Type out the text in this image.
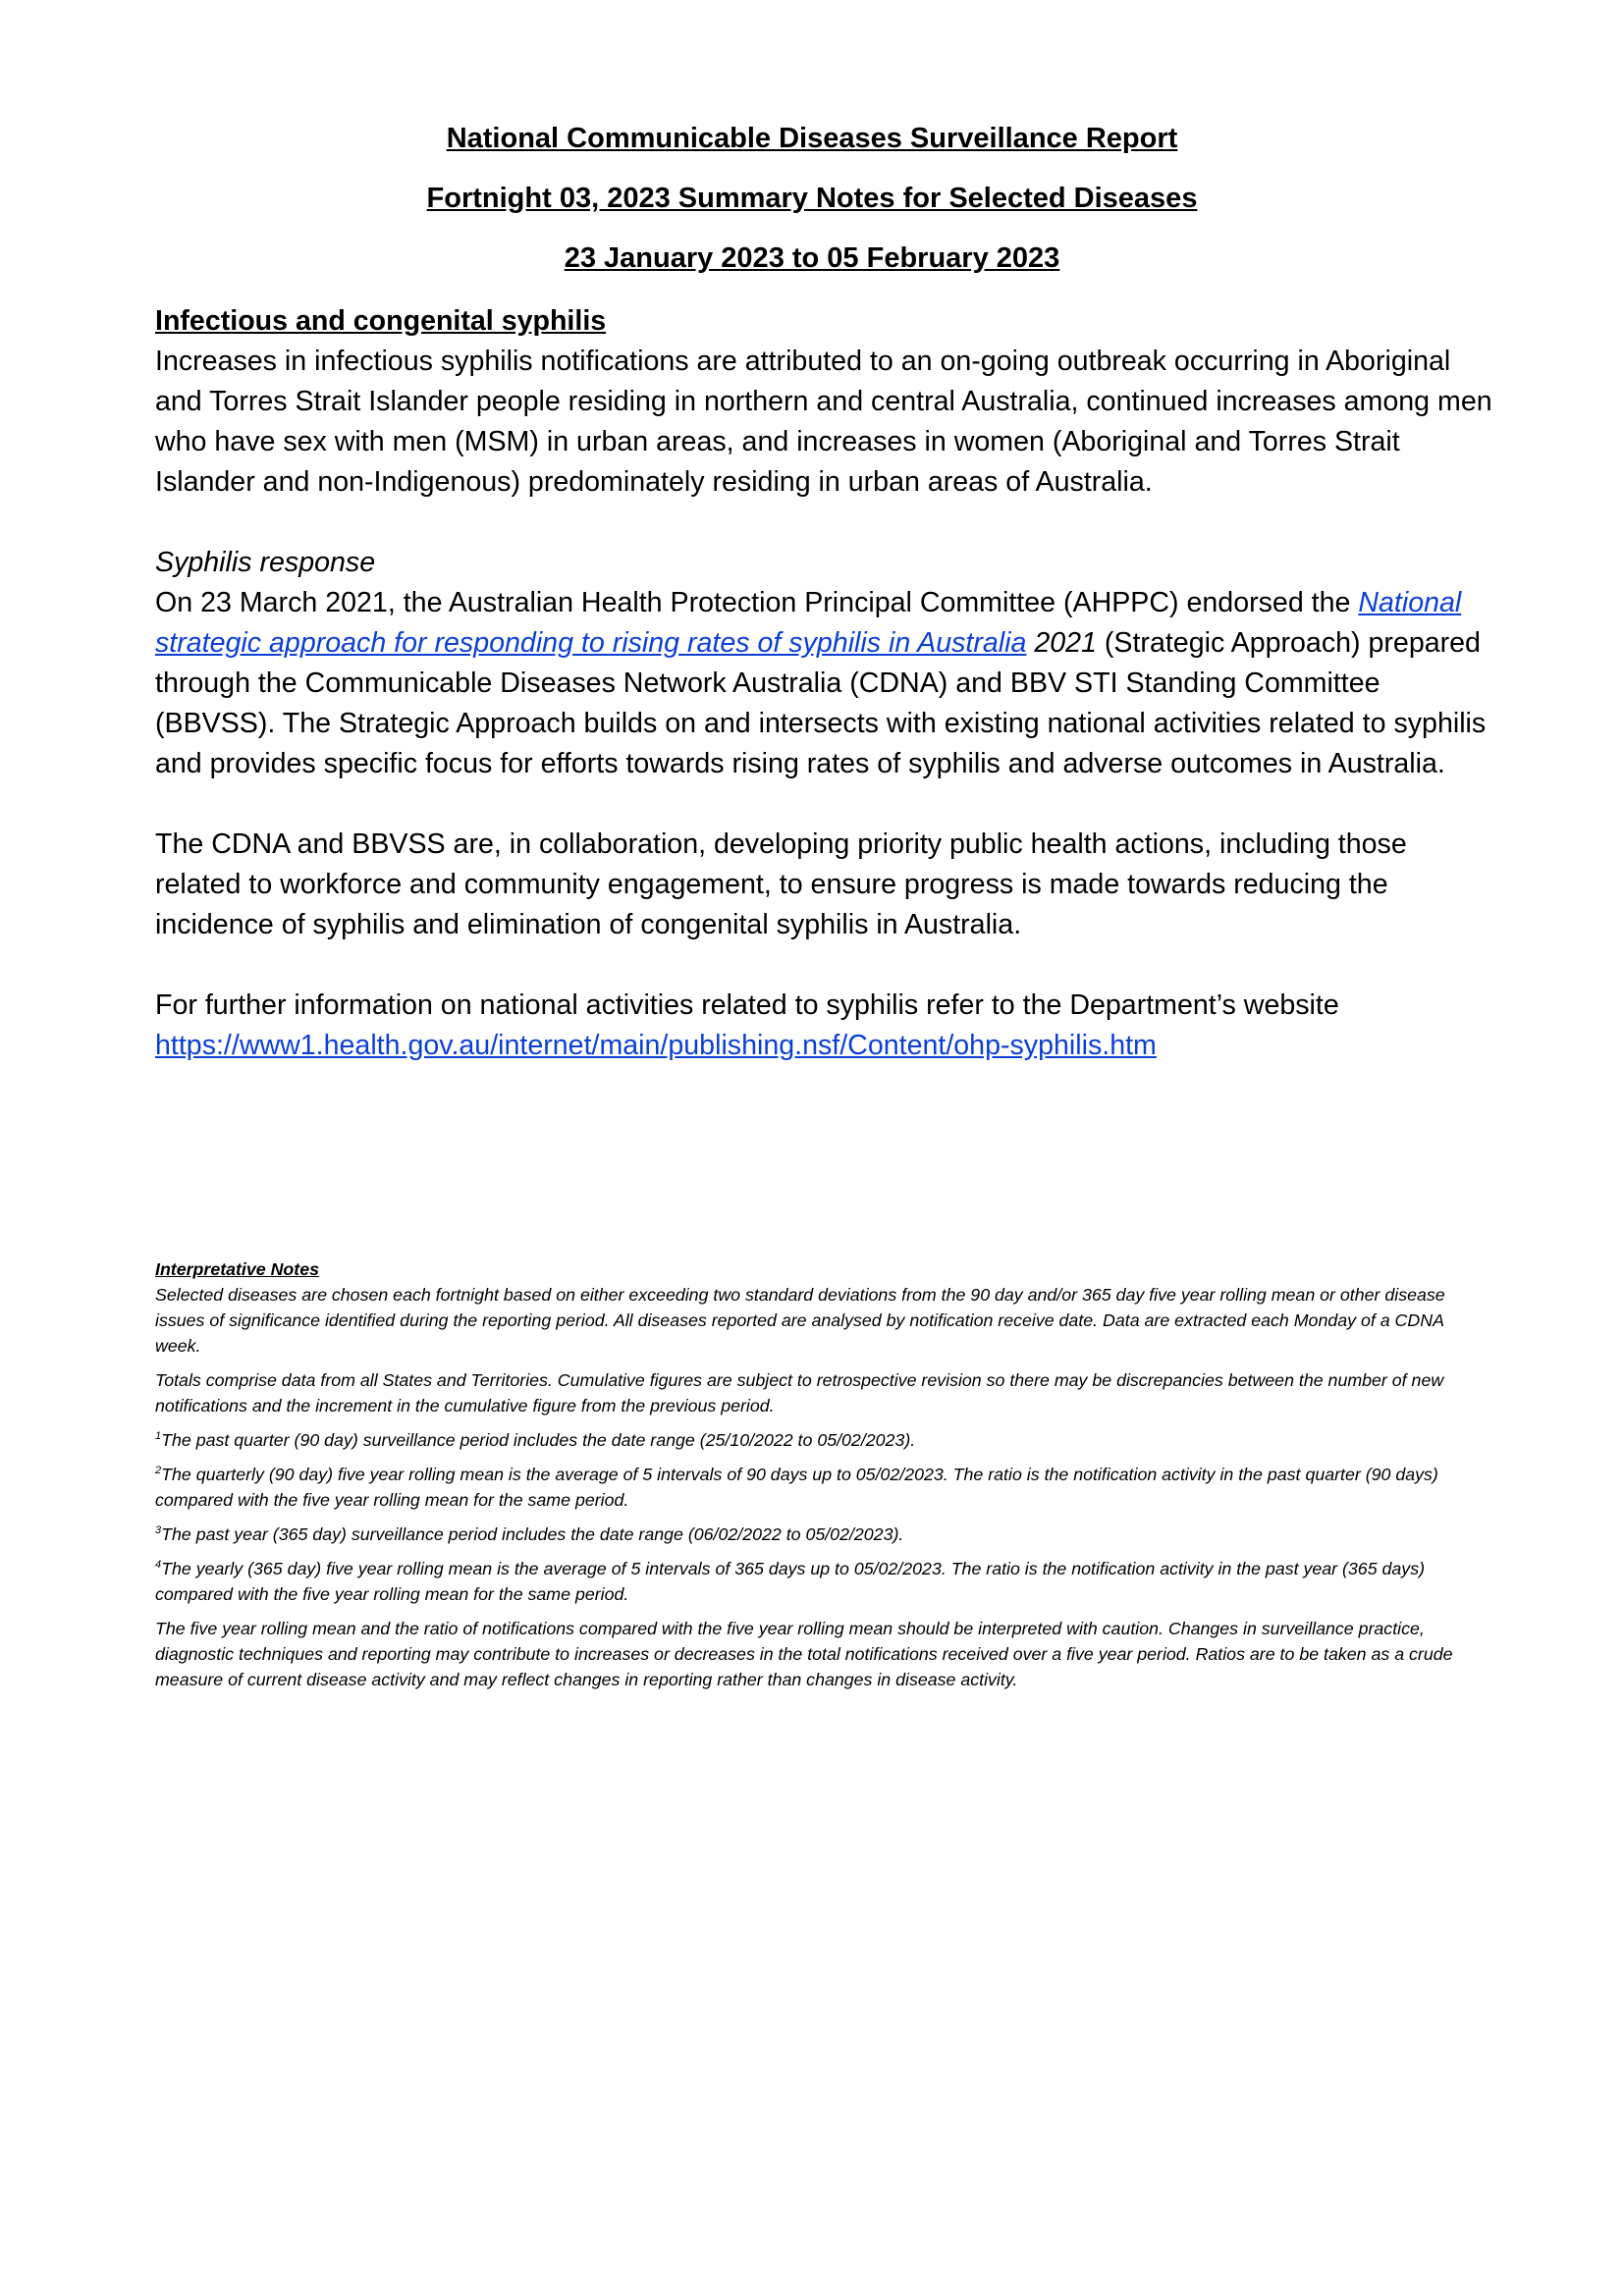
National Communicable Diseases Surveillance Report

Fortnight 03, 2023 Summary Notes for Selected Diseases

23 January 2023 to 05 February 2023

Infectious and congenital syphilis

Increases in infectious syphilis notifications are attributed to an on-going outbreak occurring in Aboriginal and Torres Strait Islander people residing in northern and central Australia, continued increases among men who have sex with men (MSM) in urban areas, and increases in women (Aboriginal and Torres Strait Islander and non-Indigenous) predominately residing in urban areas of Australia.

Syphilis response

On 23 March 2021, the Australian Health Protection Principal Committee (AHPPC) endorsed the National strategic approach for responding to rising rates of syphilis in Australia 2021 (Strategic Approach) prepared through the Communicable Diseases Network Australia (CDNA) and BBV STI Standing Committee (BBVSS). The Strategic Approach builds on and intersects with existing national activities related to syphilis and provides specific focus for efforts towards rising rates of syphilis and adverse outcomes in Australia.

The CDNA and BBVSS are, in collaboration, developing priority public health actions, including those related to workforce and community engagement, to ensure progress is made towards reducing the incidence of syphilis and elimination of congenital syphilis in Australia.

For further information on national activities related to syphilis refer to the Department’s website

https://www1.health.gov.au/internet/main/publishing.nsf/Content/ohp-syphilis.htm

Interpretative Notes

Selected diseases are chosen each fortnight based on either exceeding two standard deviations from the 90 day and/or 365 day five year rolling mean or other disease issues of significance identified during the reporting period. All diseases reported are analysed by notification receive date. Data are extracted each Monday of a CDNA week.

Totals comprise data from all States and Territories. Cumulative figures are subject to retrospective revision so there may be discrepancies between the number of new notifications and the increment in the cumulative figure from the previous period.

$^1$The past quarter (90 day) surveillance period includes the date range (25/10/2022 to 05/02/2023).

$^2$The quarterly (90 day) five year rolling mean is the average of 5 intervals of 90 days up to 05/02/2023. The ratio is the notification activity in the past quarter (90 days) compared with the five year rolling mean for the same period.

$^3$The past year (365 day) surveillance period includes the date range (06/02/2022 to 05/02/2023).

$^4$The yearly (365 day) five year rolling mean is the average of 5 intervals of 365 days up to 05/02/2023. The ratio is the notification activity in the past year (365 days) compared with the five year rolling mean for the same period.

The five year rolling mean and the ratio of notifications compared with the five year rolling mean should be interpreted with caution. Changes in surveillance practice, diagnostic techniques and reporting may contribute to increases or decreases in the total notifications received over a five year period. Ratios are to be taken as a crude measure of current disease activity and may reflect changes in reporting rather than changes in disease activity.
